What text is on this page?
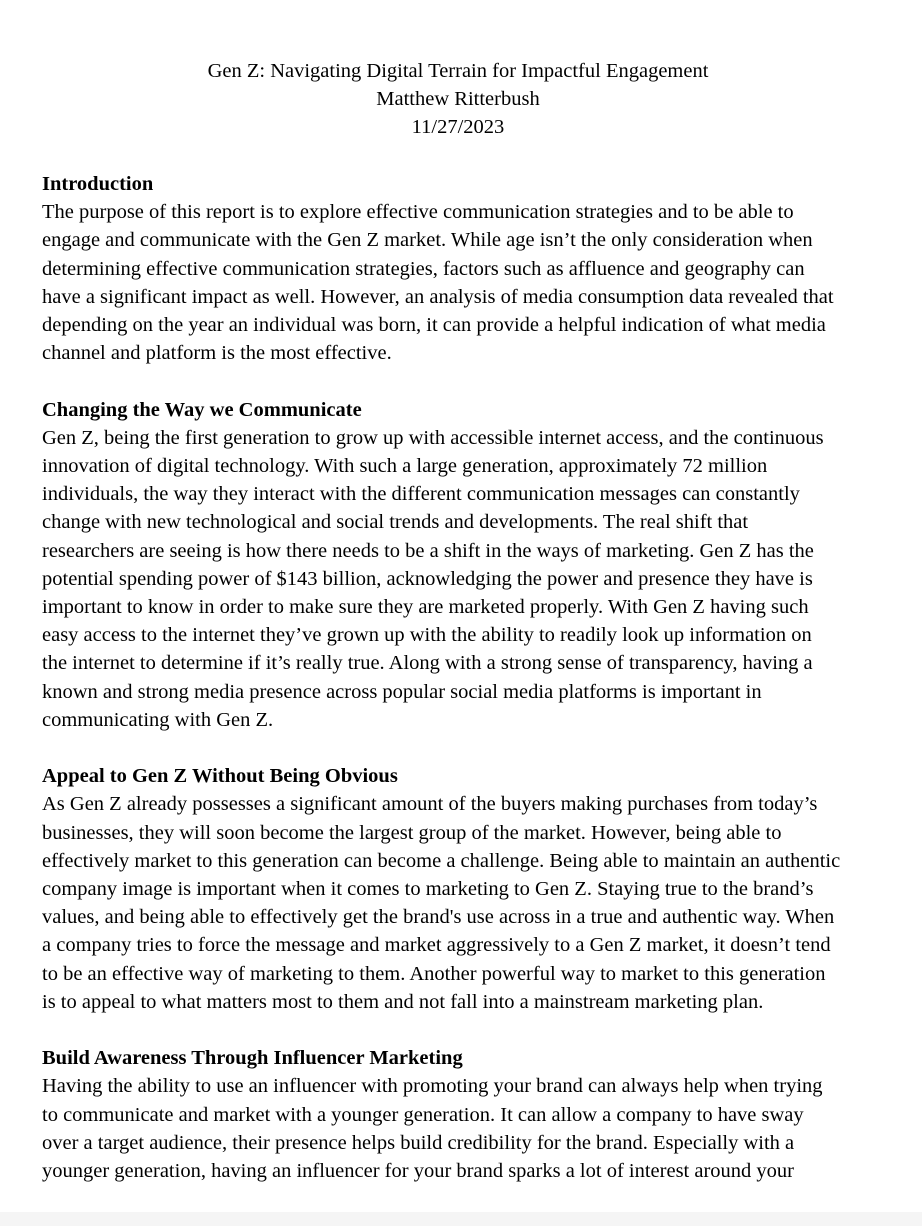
Gen Z: Navigating Digital Terrain for Impactful Engagement
Matthew Ritterbush
11/27/2023
Introduction
The purpose of this report is to explore effective communication strategies and to be able to
engage and communicate with the Gen Z market. While age isn’t the only consideration when
determining effective communication strategies, factors such as affluence and geography can
have a significant impact as well. However, an analysis of media consumption data revealed that
depending on the year an individual was born, it can provide a helpful indication of what media
channel and platform is the most effective.
Changing the Way we Communicate
Gen Z, being the first generation to grow up with accessible internet access, and the continuous
innovation of digital technology. With such a large generation, approximately 72 million
individuals, the way they interact with the different communication messages can constantly
change with new technological and social trends and developments. The real shift that
researchers are seeing is how there needs to be a shift in the ways of marketing. Gen Z has the
potential spending power of $143 billion, acknowledging the power and presence they have is
important to know in order to make sure they are marketed properly. With Gen Z having such
easy access to the internet they’ve grown up with the ability to readily look up information on
the internet to determine if it’s really true. Along with a strong sense of transparency, having a
known and strong media presence across popular social media platforms is important in
communicating with Gen Z.
Appeal to Gen Z Without Being Obvious
As Gen Z already possesses a significant amount of the buyers making purchases from today’s
businesses, they will soon become the largest group of the market. However, being able to
effectively market to this generation can become a challenge. Being able to maintain an authentic
company image is important when it comes to marketing to Gen Z. Staying true to the brand’s
values, and being able to effectively get the brand's use across in a true and authentic way. When
a company tries to force the message and market aggressively to a Gen Z market, it doesn’t tend
to be an effective way of marketing to them. Another powerful way to market to this generation
is to appeal to what matters most to them and not fall into a mainstream marketing plan.
Build Awareness Through Influencer Marketing
Having the ability to use an influencer with promoting your brand can always help when trying
to communicate and market with a younger generation. It can allow a company to have sway
over a target audience, their presence helps build credibility for the brand. Especially with a
younger generation, having an influencer for your brand sparks a lot of interest around your
